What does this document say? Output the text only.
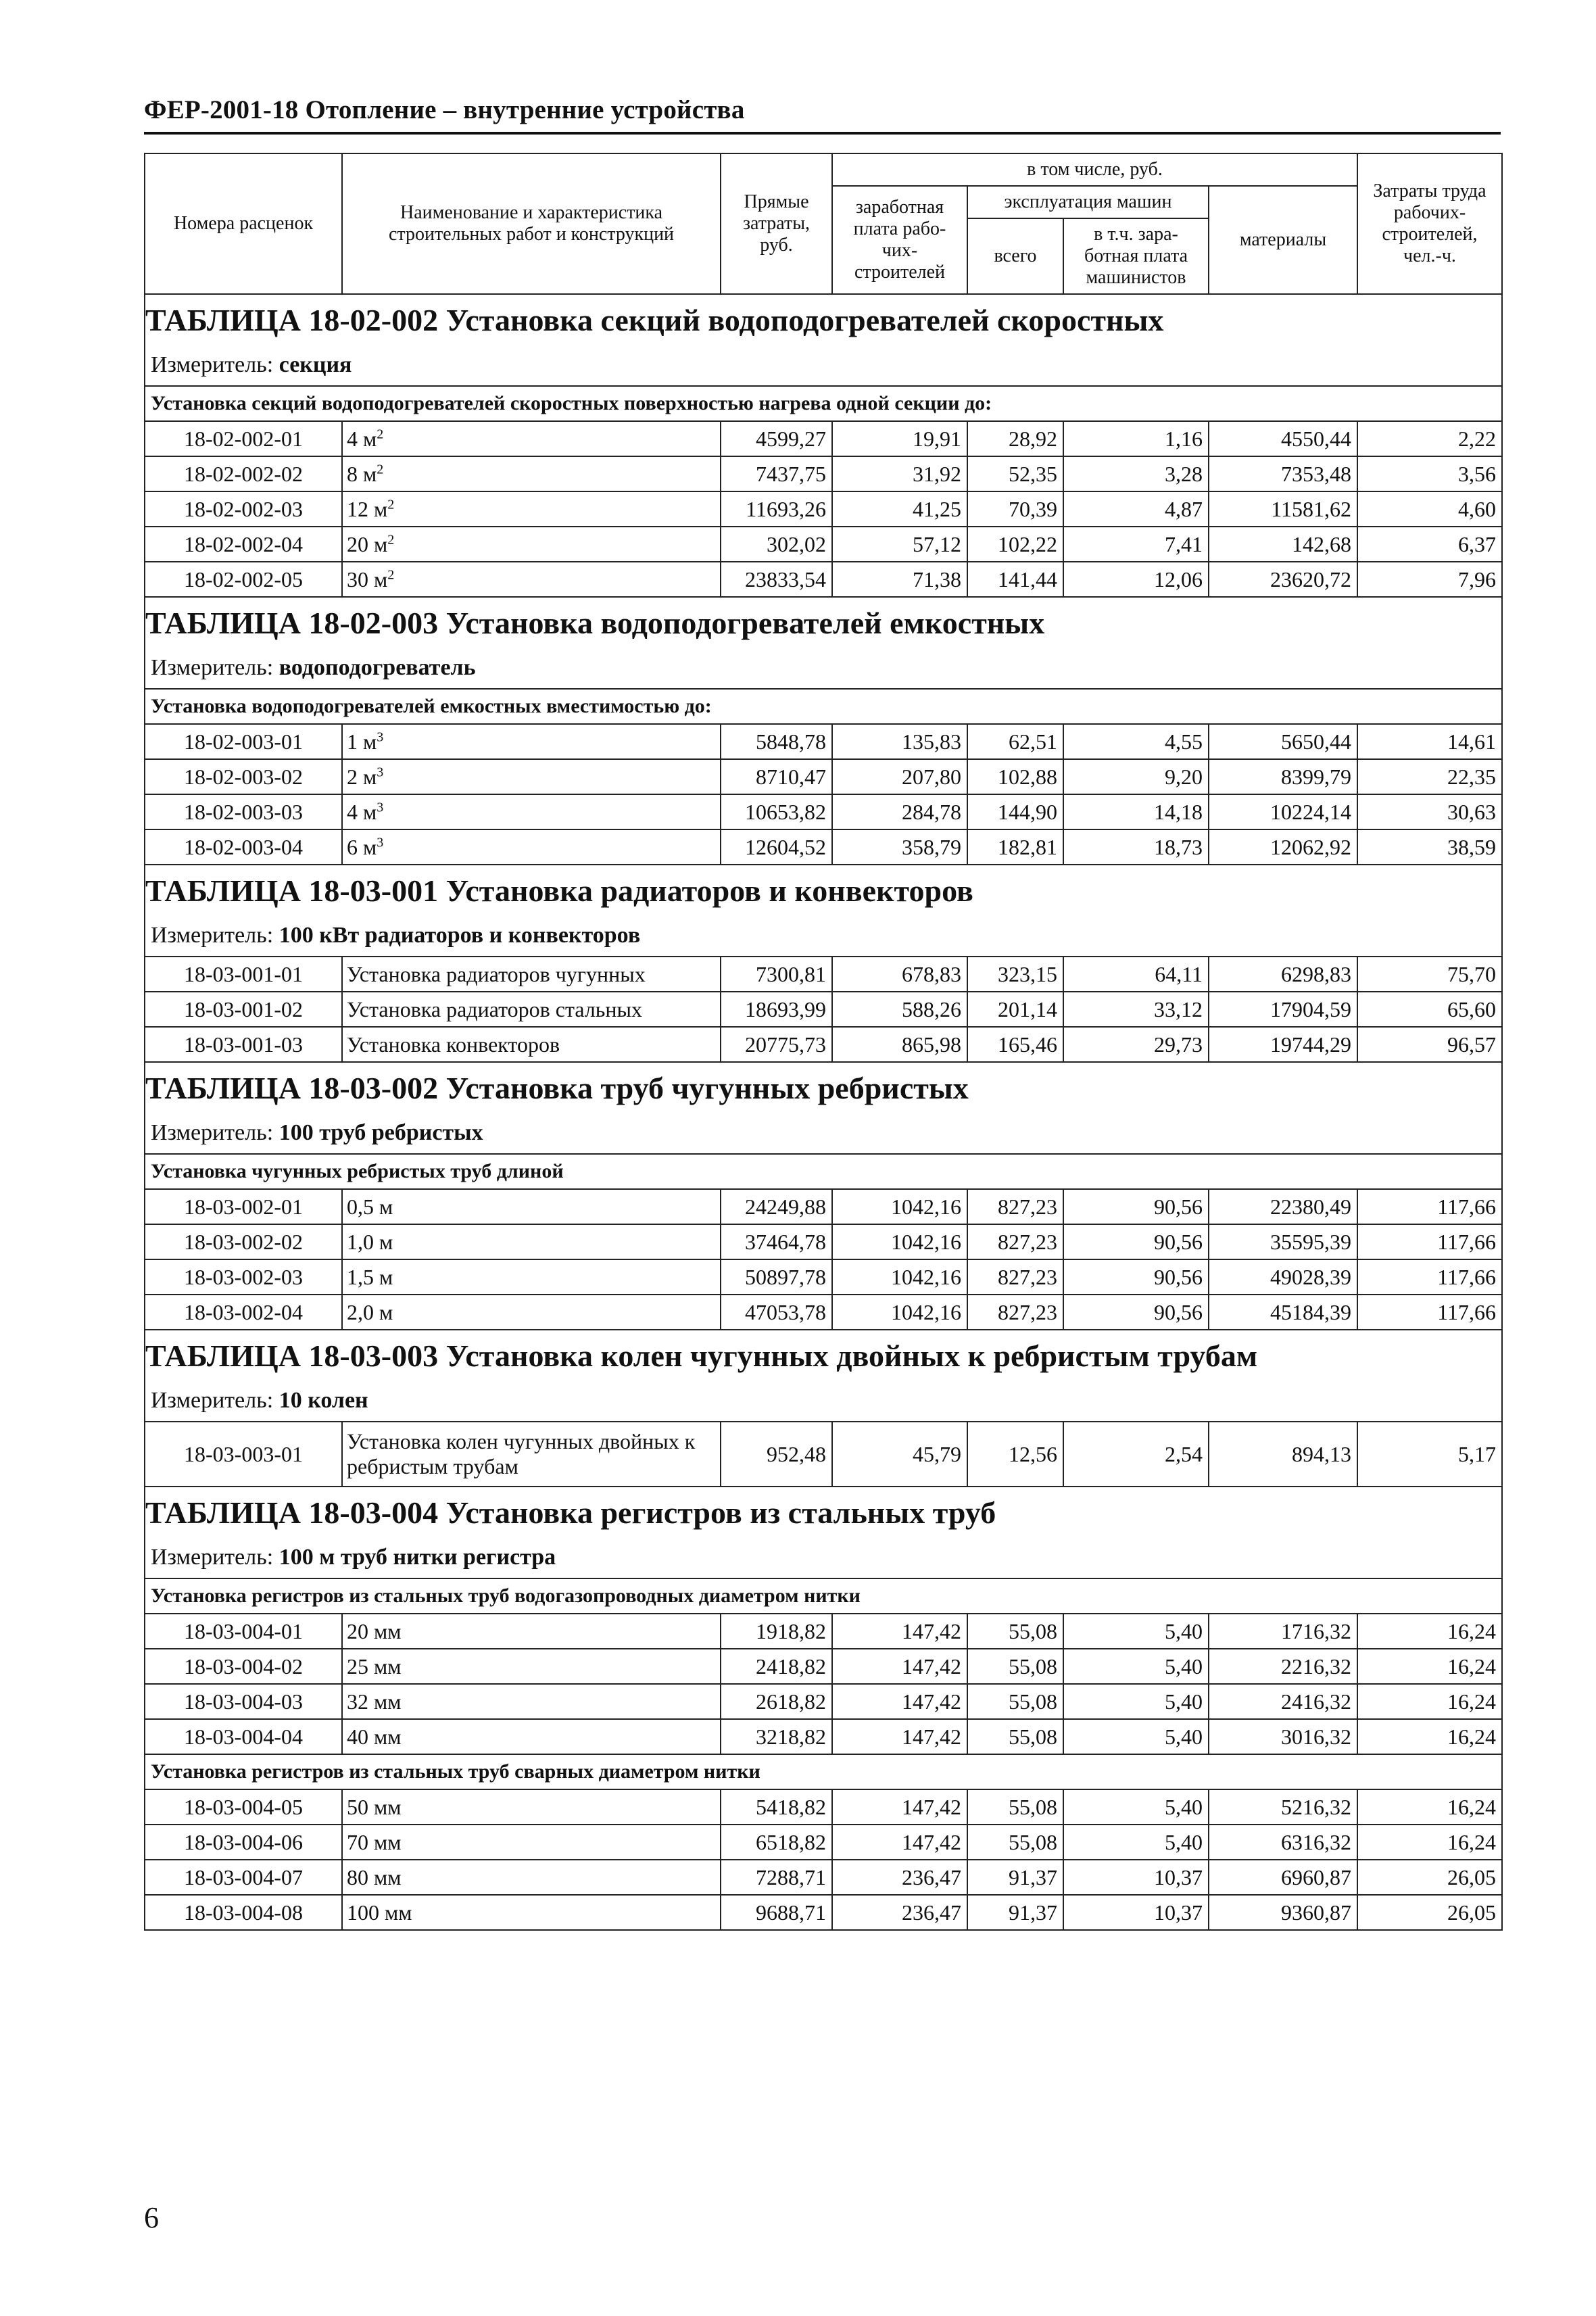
ФЕР-2001-18 Отопление – внутренние устройства
Номера расценок	Наименование и характеристика строительных работ и конструкций	Прямые затраты, руб.	в том числе, руб.				Затраты труда рабочих-строителей, чел.-ч.
			заработная плата рабо-чих-строителей	эксплуатация машин		материалы	
				всего	в т.ч. зара-ботная плата машинистов		
ТАБЛИЦА 18-02-002 Установка секций водоподогревателей скоростных							
Измеритель: секция							
Установка секций водоподогревателей скоростных поверхностью нагрева одной секции до:							
18-02-002-01	4 $м^2$	4599,27	19,91	28,92	1,16	4550,44	2,22
18-02-002-02	8 $м^2$	7437,75	31,92	52,35	3,28	7353,48	3,56
18-02-002-03	12 $м^2$	11693,26	41,25	70,39	4,87	11581,62	4,60
18-02-002-04	20 $м^2$	302,02	57,12	102,22	7,41	142,68	6,37
18-02-002-05	30 $м^2$	23833,54	71,38	141,44	12,06	23620,72	7,96
ТАБЛИЦА 18-02-003 Установка водоподогревателей емкостных							
Измеритель: водоподогреватель							
Установка водоподогревателей емкостных вместимостью до:							
18-02-003-01	1 $м^3$	5848,78	135,83	62,51	4,55	5650,44	14,61
18-02-003-02	2 $м^3$	8710,47	207,80	102,88	9,20	8399,79	22,35
18-02-003-03	4 $м^3$	10653,82	284,78	144,90	14,18	10224,14	30,63
18-02-003-04	6 $м^3$	12604,52	358,79	182,81	18,73	12062,92	38,59
ТАБЛИЦА 18-03-001 Установка радиаторов и конвекторов							
Измеритель: 100 кВт радиаторов и конвекторов							
18-03-001-01	Установка радиаторов чугунных	7300,81	678,83	323,15	64,11	6298,83	75,70
18-03-001-02	Установка радиаторов стальных	18693,99	588,26	201,14	33,12	17904,59	65,60
18-03-001-03	Установка конвекторов	20775,73	865,98	165,46	29,73	19744,29	96,57
ТАБЛИЦА 18-03-002 Установка труб чугунных ребристых							
Измеритель: 100 труб ребристых							
Установка чугунных ребристых труб длиной							
18-03-002-01	0,5 м	24249,88	1042,16	827,23	90,56	22380,49	117,66
18-03-002-02	1,0 м	37464,78	1042,16	827,23	90,56	35595,39	117,66
18-03-002-03	1,5 м	50897,78	1042,16	827,23	90,56	49028,39	117,66
18-03-002-04	2,0 м	47053,78	1042,16	827,23	90,56	45184,39	117,66
ТАБЛИЦА 18-03-003 Установка колен чугунных двойных к ребристым трубам							
Измеритель: 10 колен							
18-03-003-01	Установка колен чугунных двойных к ребристым трубам	952,48	45,79	12,56	2,54	894,13	5,17
ТАБЛИЦА 18-03-004 Установка регистров из стальных труб							
Измеритель: 100 м труб нитки регистра							
Установка регистров из стальных труб водогазопроводных диаметром нитки							
18-03-004-01	20 мм	1918,82	147,42	55,08	5,40	1716,32	16,24
18-03-004-02	25 мм	2418,82	147,42	55,08	5,40	2216,32	16,24
18-03-004-03	32 мм	2618,82	147,42	55,08	5,40	2416,32	16,24
18-03-004-04	40 мм	3218,82	147,42	55,08	5,40	3016,32	16,24
Установка регистров из стальных труб сварных диаметром нитки							
18-03-004-05	50 мм	5418,82	147,42	55,08	5,40	5216,32	16,24
18-03-004-06	70 мм	6518,82	147,42	55,08	5,40	6316,32	16,24
18-03-004-07	80 мм	7288,71	236,47	91,37	10,37	6960,87	26,05
18-03-004-08	100 мм	9688,71	236,47	91,37	10,37	9360,87	26,05
6
